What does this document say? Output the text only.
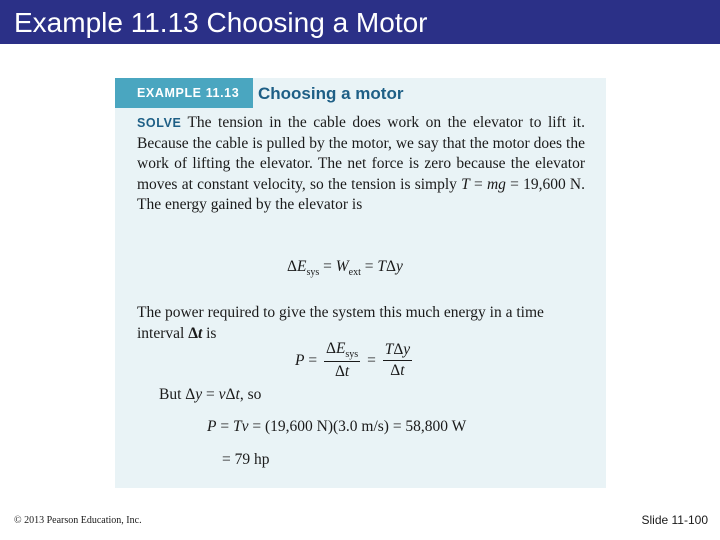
Example 11.13 Choosing a Motor
EXAMPLE 11.13 Choosing a motor
SOLVE The tension in the cable does work on the elevator to lift it. Because the cable is pulled by the motor, we say that the motor does the work of lifting the elevator. The net force is zero because the elevator moves at constant velocity, so the tension is simply T = mg = 19,600 N. The energy gained by the elevator is
$\Delta E_{sys} = W_{ext} = T\Delta y$
The power required to give the system this much energy in a time interval Δt is
$P = \frac{\Delta E_{sys}}{\Delta t} = \frac{\text{TΔy}}{\Delta t}$
But Δy = vΔt, so
P = Tv = (19,600 N)(3.0 m/s) = 58,800 W
= 79 hp
© 2013 Pearson Education, Inc.	Slide 11-100
